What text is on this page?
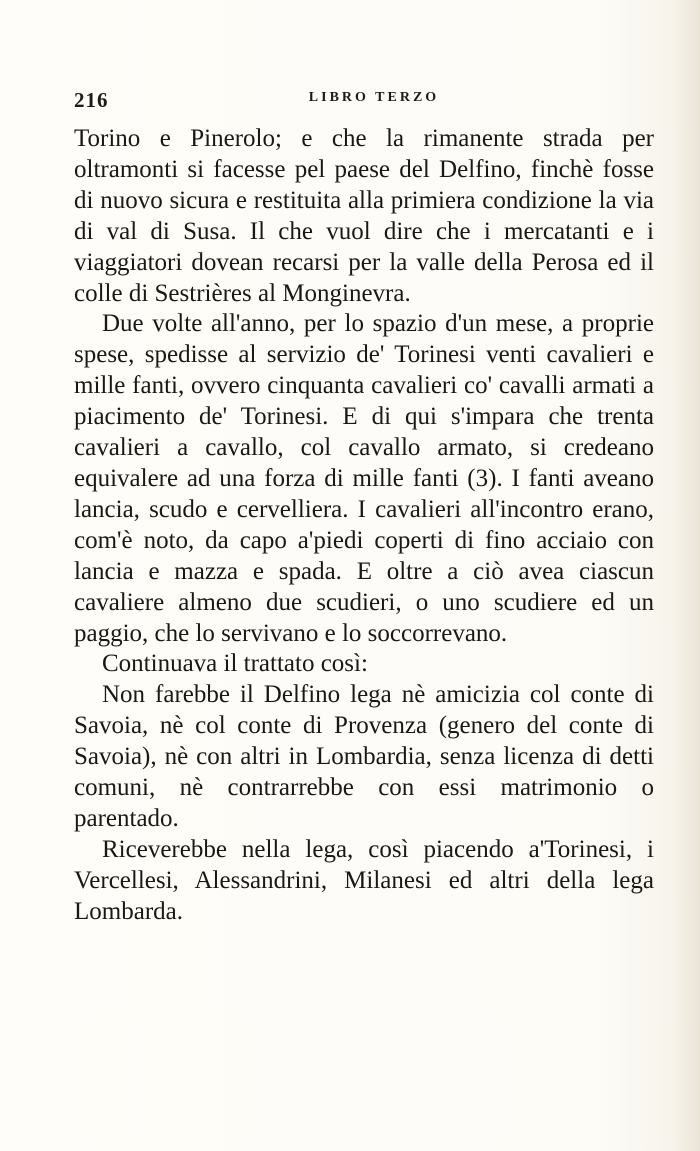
216	LIBRO TERZO

Torino e Pinerolo; e che la rimanente strada per oltramonti si facesse pel paese del Delfino, finchè fosse di nuovo sicura e restituita alla primiera condizione la via di val di Susa. Il che vuol dire che i mercatanti e i viaggiatori dovean recarsi per la valle della Perosa ed il colle di Sestrières al Monginevra.

Due volte all'anno, per lo spazio d'un mese, a proprie spese, spedisse al servizio de' Torinesi venti cavalieri e mille fanti, ovvero cinquanta cavalieri co' cavalli armati a piacimento de' Torinesi. E di qui s'impara che trenta cavalieri a cavallo, col cavallo armato, si credeano equivalere ad una forza di mille fanti (3). I fanti aveano lancia, scudo e cervelliera. I cavalieri all'incontro erano, com'è noto, da capo a'piedi coperti di fino acciaio con lancia e mazza e spada. E oltre a ciò avea ciascun cavaliere almeno due scudieri, o uno scudiere ed un paggio, che lo servivano e lo soccorrevano.

Continuava il trattato così:

Non farebbe il Delfino lega nè amicizia col conte di Savoia, nè col conte di Provenza (genero del conte di Savoia), nè con altri in Lombardia, senza licenza di detti comuni, nè contrarrebbe con essi matrimonio o parentado.

Riceverebbe nella lega, così piacendo a'Torinesi, i Vercellesi, Alessandrini, Milanesi ed altri della lega Lombarda.
